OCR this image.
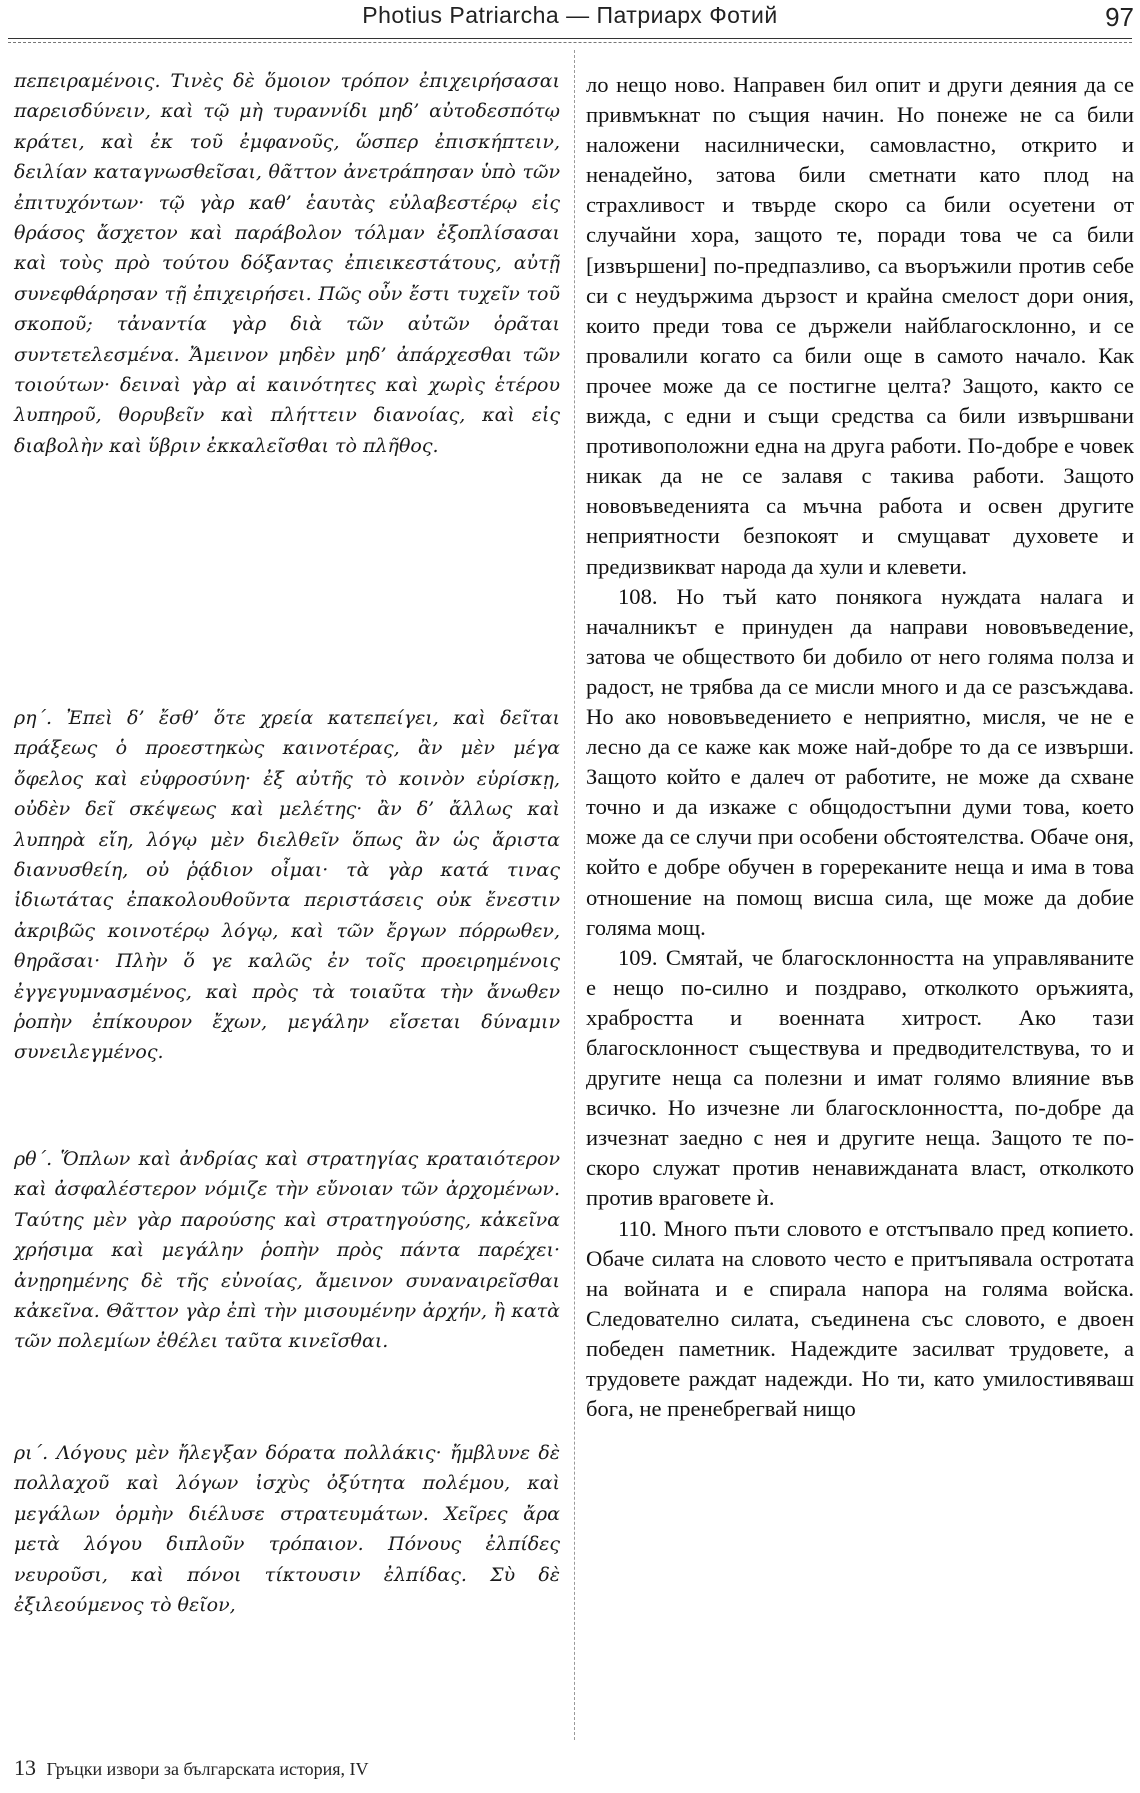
Photius Patriarcha — Патриарх Фотий	97

πεπειραμένοις. Τινὲς δὲ ὅμοιον τρόπον ἐπιχειρήσασαι παρεισδύνειν, καὶ τῷ μὴ τυραννίδι μηδ’ αὐτοδεσπότῳ κράτει, καὶ ἐκ τοῦ ἐμφανοῦς, ὥσπερ ἐπισκήπτειν, δειλίαν καταγνωσθεῖσαι, θᾶττον ἀνετράπησαν ὑπὸ τῶν ἐπιτυχόντων· τῷ γὰρ καθ’ ἑαυτὰς εὐλαβεστέρῳ εἰς θράσος ἄσχετον καὶ παράβολον τόλμαν ἐξοπλίσασαι καὶ τοὺς πρὸ τούτου δόξαντας ἐπιεικεστάτους, αὐτῇ συνεφθάρησαν τῇ ἐπιχειρήσει. Πῶς οὖν ἔστι τυχεῖν τοῦ σκοποῦ; τἀναντία γὰρ διὰ τῶν αὐτῶν ὁρᾶται συντετελεσμένα. Ἄμεινον μηδὲν μηδ’ ἀπάρχεσθαι τῶν τοιούτων· δειναὶ γὰρ αἱ καινότητες καὶ χωρὶς ἑτέρου λυπηροῦ, θορυβεῖν καὶ πλήττειν διανοίας, καὶ εἰς διαβολὴν καὶ ὕβριν ἐκκαλεῖσθαι τὸ πλῆθος.

ρη΄. Ἐπεὶ δ’ ἔσθ’ ὅτε χρεία κατεπείγει, καὶ δεῖται πράξεως ὁ προεστηκὼς καινοτέρας, ἂν μὲν μέγα ὄφελος καὶ εὐφροσύνη· ἐξ αὐτῆς τὸ κοινὸν εὑρίσκῃ, οὐδὲν δεῖ σκέψεως καὶ μελέτης· ἂν δ’ ἄλλως καὶ λυπηρὰ εἴη, λόγῳ μὲν διελθεῖν ὅπως ἂν ὡς ἄριστα διανυσθείη, οὐ ῥᾴδιον οἶμαι· τὰ γὰρ κατά τινας ἰδιωτάτας ἐπακολουθοῦντα περιστάσεις οὐκ ἔνεστιν ἀκριβῶς κοινοτέρῳ λόγῳ, καὶ τῶν ἔργων πόρρωθεν, θηρᾶσαι· Πλὴν ὅ γε καλῶς ἐν τοῖς προειρημένοις ἐγγεγυμνασμένος, καὶ πρὸς τὰ τοιαῦτα τὴν ἄνωθεν ῥοπὴν ἐπίκουρον ἔχων, μεγάλην εἴσεται δύναμιν συνειλεγμένος.

ρθ΄. Ὅπλων καὶ ἀνδρίας καὶ στρατηγίας κραταιότερον καὶ ἀσφαλέστερον νόμιζε τὴν εὔνοιαν τῶν ἀρχομένων. Ταύτης μὲν γὰρ παρούσης καὶ στρατηγούσης, κἀκεῖνα χρήσιμα καὶ μεγάλην ῥοπὴν πρὸς πάντα παρέχει· ἀνῃρημένης δὲ τῆς εὐνοίας, ἄμεινον συναναιρεῖσθαι κἀκεῖνα. Θᾶττον γὰρ ἐπὶ τὴν μισουμένην ἀρχήν, ἢ κατὰ τῶν πολεμίων ἐθέλει ταῦτα κινεῖσθαι.

ρι΄. Λόγους μὲν ἤλεγξαν δόρατα πολλάκις· ἤμβλυνε δὲ πολλαχοῦ καὶ λόγων ἰσχὺς ὀξύτητα πολέμου, καὶ μεγάλων ὁρμὴν διέλυσε στρατευμάτων. Χεῖρες ἄρα μετὰ λόγου διπλοῦν τρόπαιον. Πόνους ἐλπίδες νευροῦσι, καὶ πόνοι τίκτουσιν ἐλπίδας. Σὺ δὲ ἐξιλεούμενος τὸ θεῖον,

ло нещо ново. Направен бил опит и други деяния да се привмъкнат по същия начин. Но понеже не са били наложени насилнически, самовластно, открито и ненадейно, затова били сметнати като плод на страхливост и твърде скоро са били осуетени от случайни хора, защото те, поради това че са били [извършени] по-предпазливо, са въоръжили против себе си с неудържима дързост и крайна смелост дори ония, които преди това се държели найблагосклонно, и се провалили когато са били още в самото начало. Как прочее може да се постигне целта? Защото, както се вижда, с едни и същи средства са били извършвани противоположни една на друга работи. По-добре е човек никак да не се залавя с такива работи. Защото нововъведенията са мъчна работа и освен другите неприятности безпокоят и смущават духовете и предизвикват народа да хули и клевети.

108. Но тъй като понякога нуждата налага и началникът е принуден да направи нововъведение, затова че обществото би добило от него голяма полза и радост, не трябва да се мисли много и да се разсъждава. Но ако нововъведението е неприятно, мисля, че не е лесно да се каже как може най-добре то да се извърши. Защото който е далеч от работите, не може да схване точно и да изкаже с общодостъпни думи това, което може да се случи при особени обстоятелства. Обаче оня, който е добре обучен в горереканите неща и има в това отношение на помощ висша сила, ще може да добие голяма мощ.

109. Смятай, че благосклонността на управляваните е нещо по-силно и поздраво, отколкото оръжията, храбростта и военната хитрост. Ако тази благосклонност съществува и предводителствува, то и другите неща са полезни и имат голямо влияние във всичко. Но изчезне ли благосклонността, по-добре да изчезнат заедно с нея и другите неща. Защото те по-скоро служат против ненавижданата власт, отколкото против враговете ѝ.

110. Много пъти словото е отстъпвало пред копието. Обаче силата на словото често е притъпявала остротата на войната и е спирала напора на голяма войска. Следователно силата, съединена със словото, е двоен победен паметник. Надеждите засилват трудовете, а трудовете раждат надежди. Но ти, като умилостивяваш бога, не пренебрегвай нищо

13 Гръцки извори за българската история, IV
